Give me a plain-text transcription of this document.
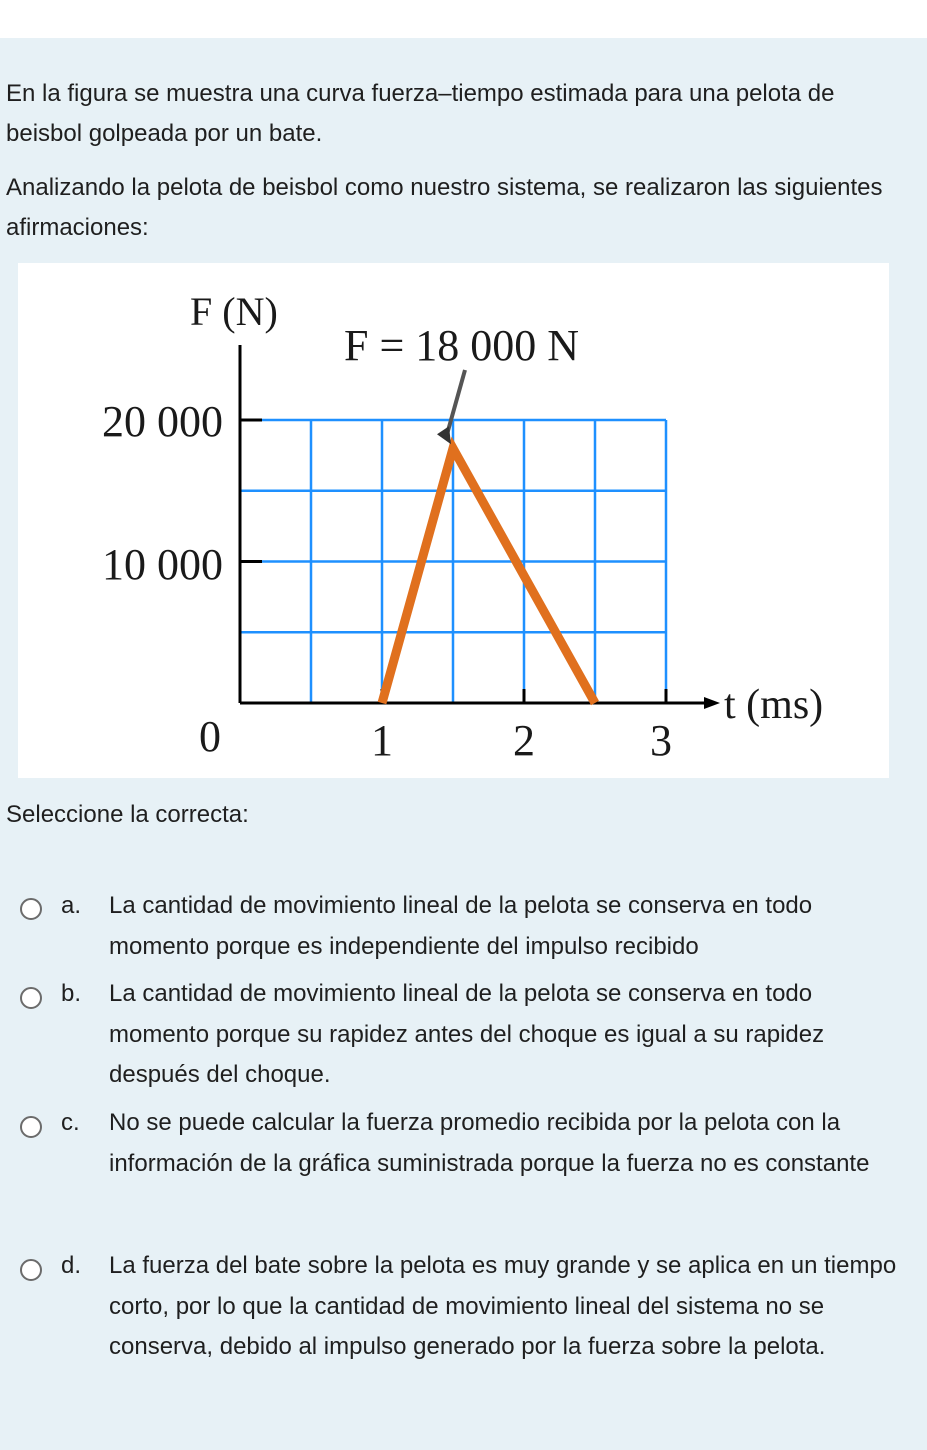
En la figura se muestra una curva fuerza–tiempo estimada para una pelota de beisbol golpeada por un bate.

Analizando la pelota de beisbol como nuestro sistema, se realizaron las siguientes afirmaciones:

F (N)
F = 18 000 N
20 000
10 000
0	1	2	3
t (ms)

Seleccione la correcta:

a. La cantidad de movimiento lineal de la pelota se conserva en todo momento porque es independiente del impulso recibido

b. La cantidad de movimiento lineal de la pelota se conserva en todo momento porque su rapidez antes del choque es igual a su rapidez después del choque.

c. No se puede calcular la fuerza promedio recibida por la pelota con la información de la gráfica suministrada porque la fuerza no es constante

d. La fuerza del bate sobre la pelota es muy grande y se aplica en un tiempo corto, por lo que la cantidad de movimiento lineal del sistema no se conserva, debido al impulso generado por la fuerza sobre la pelota.
